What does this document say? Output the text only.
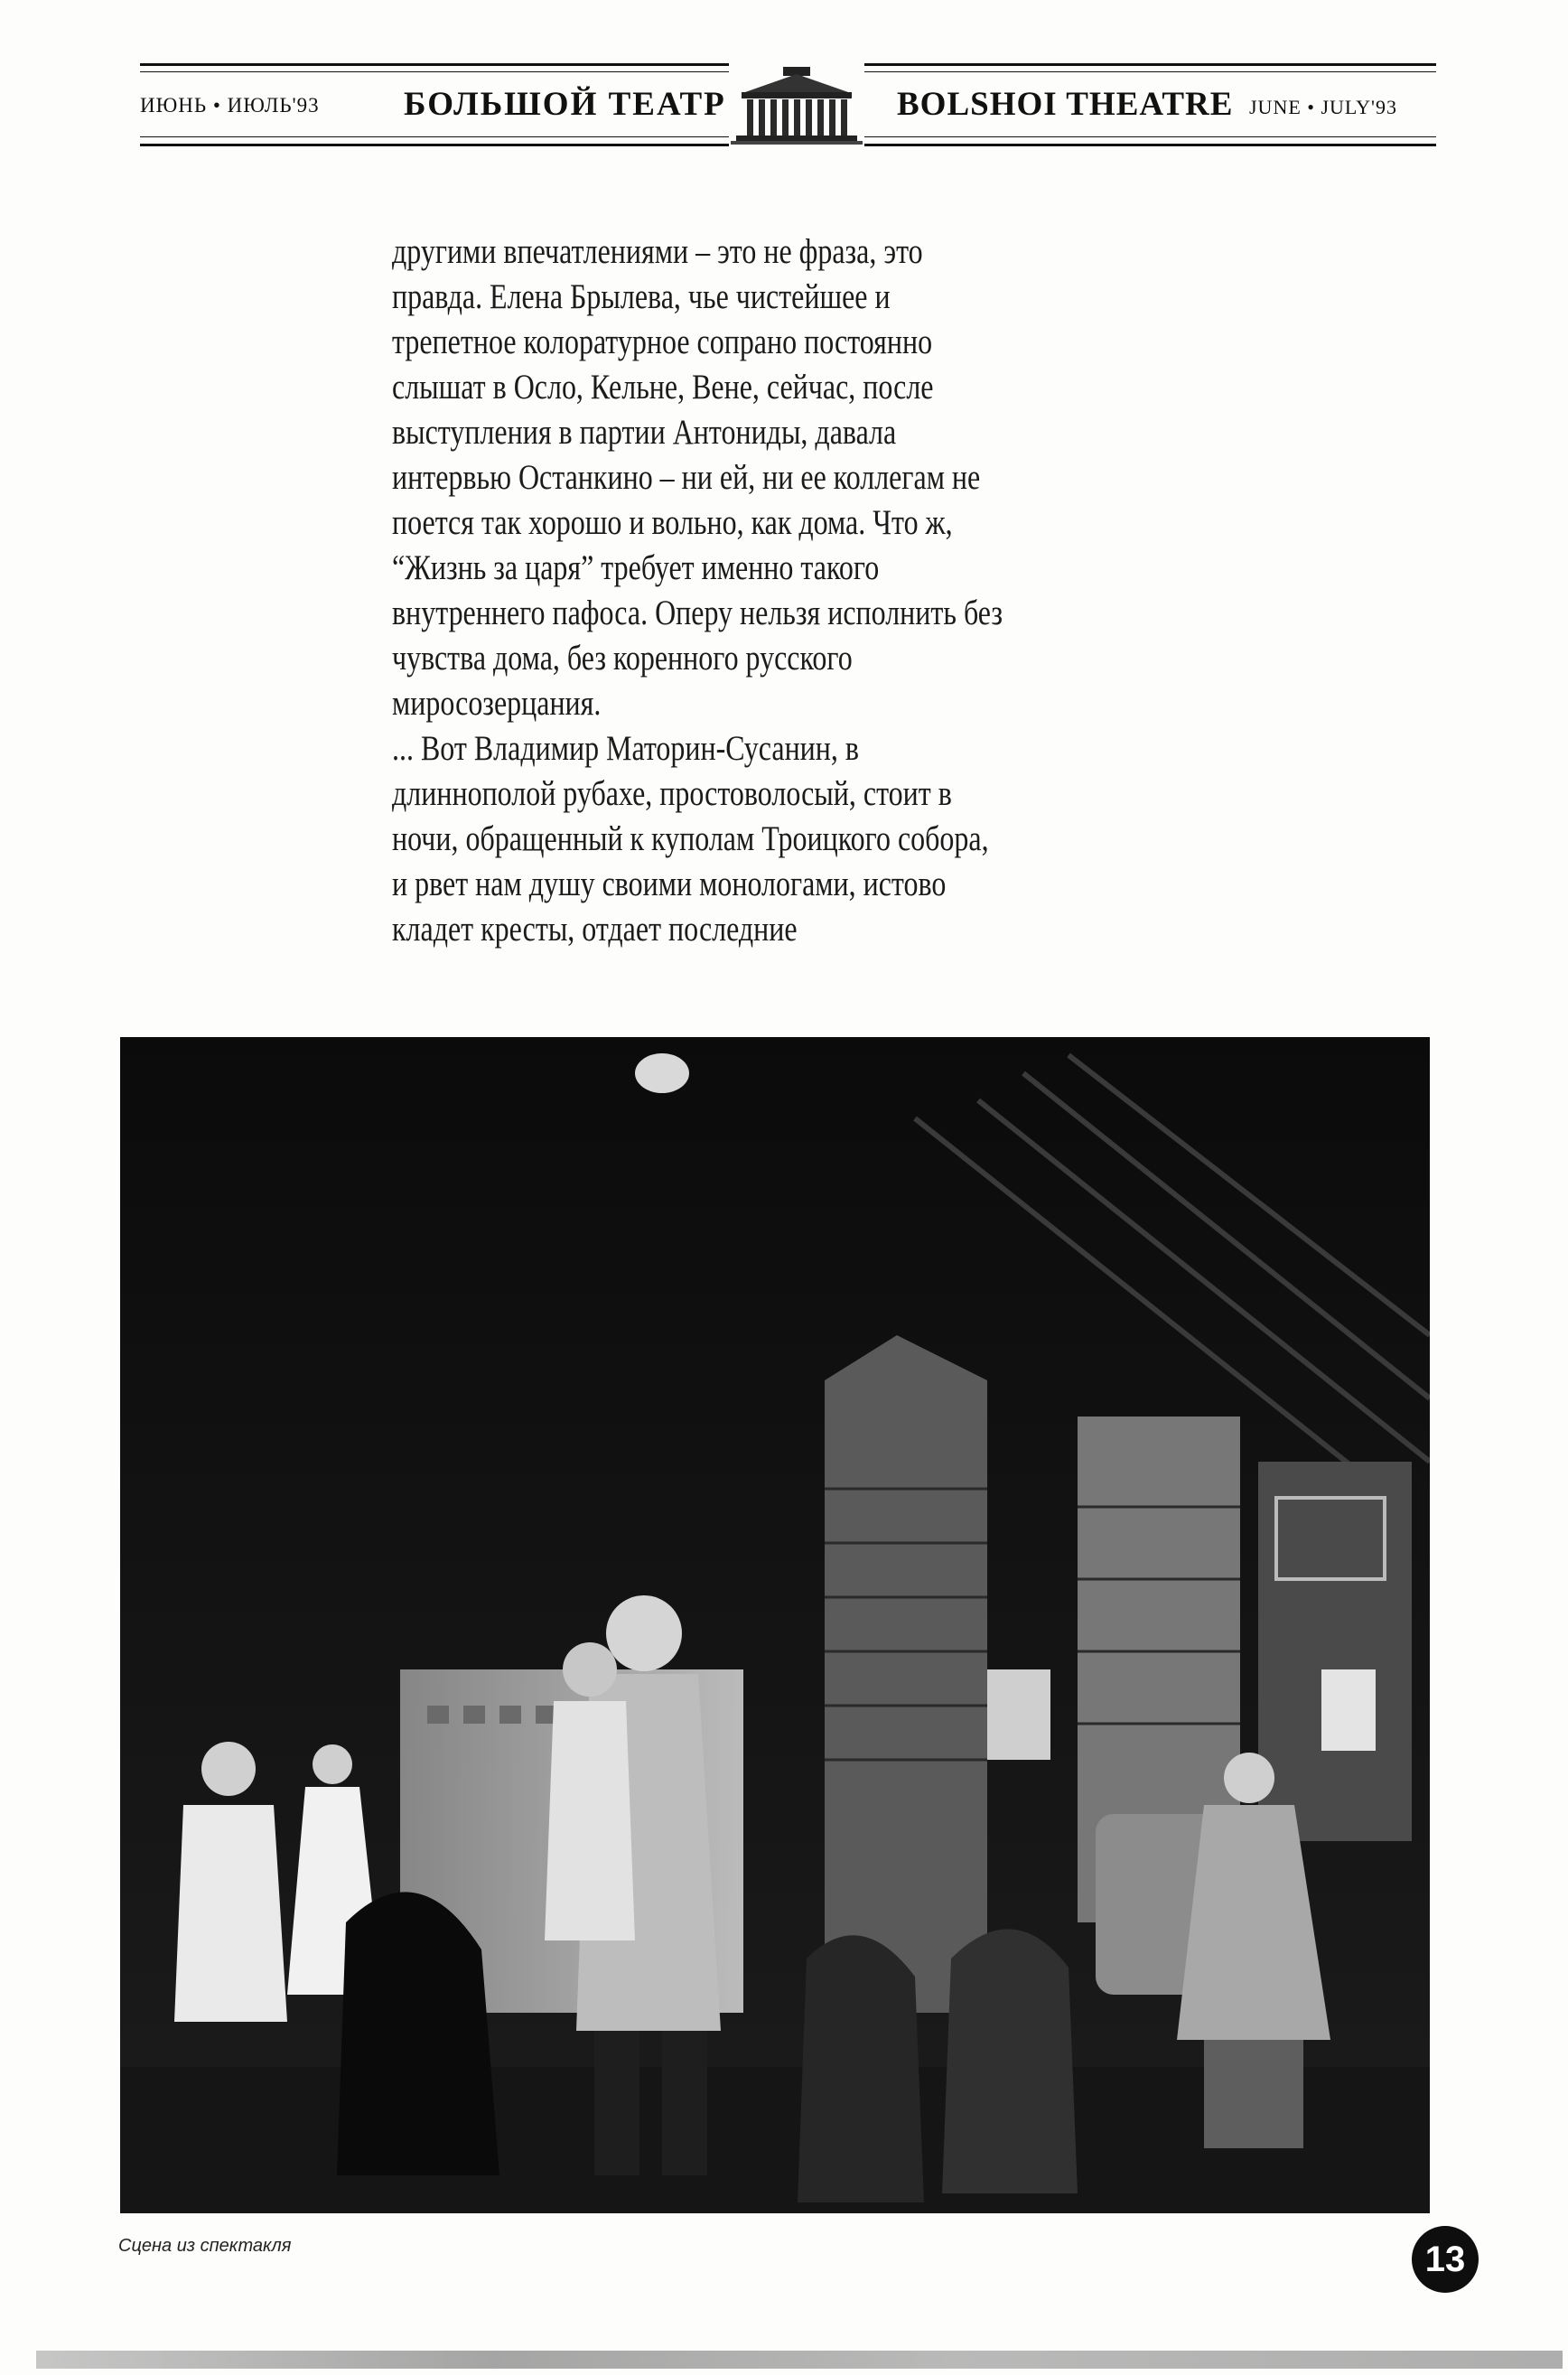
ИЮНЬ • ИЮЛЬ'93	БОЛЬШОЙ ТЕАТР	BOLSHOI THEATRE JUNE • JULY'93

другими впечатлениями – это не фраза, это

правда. Елена Брылева, чье чистейшее и

трепетное колоратурное сопрано постоянно

слышат в Осло, Кельне, Вене, сейчас, после

выступления в партии Антониды, давала

интервью Останкино – ни ей, ни ее коллегам не

поется так хорошо и вольно, как дома. Что ж,

“Жизнь за царя” требует именно такого

внутреннего пафоса. Оперу нельзя исполнить без

чувства дома, без коренного русского

миросозерцания.

... Вот Владимир Маторин-Сусанин, в

длиннополой рубахе, простоволосый, стоит в

ночи, обращенный к куполам Троицкого собора,

и рвет нам душу своими монологами, истово

кладет кресты, отдает последние

Сцена из спектакля	13
